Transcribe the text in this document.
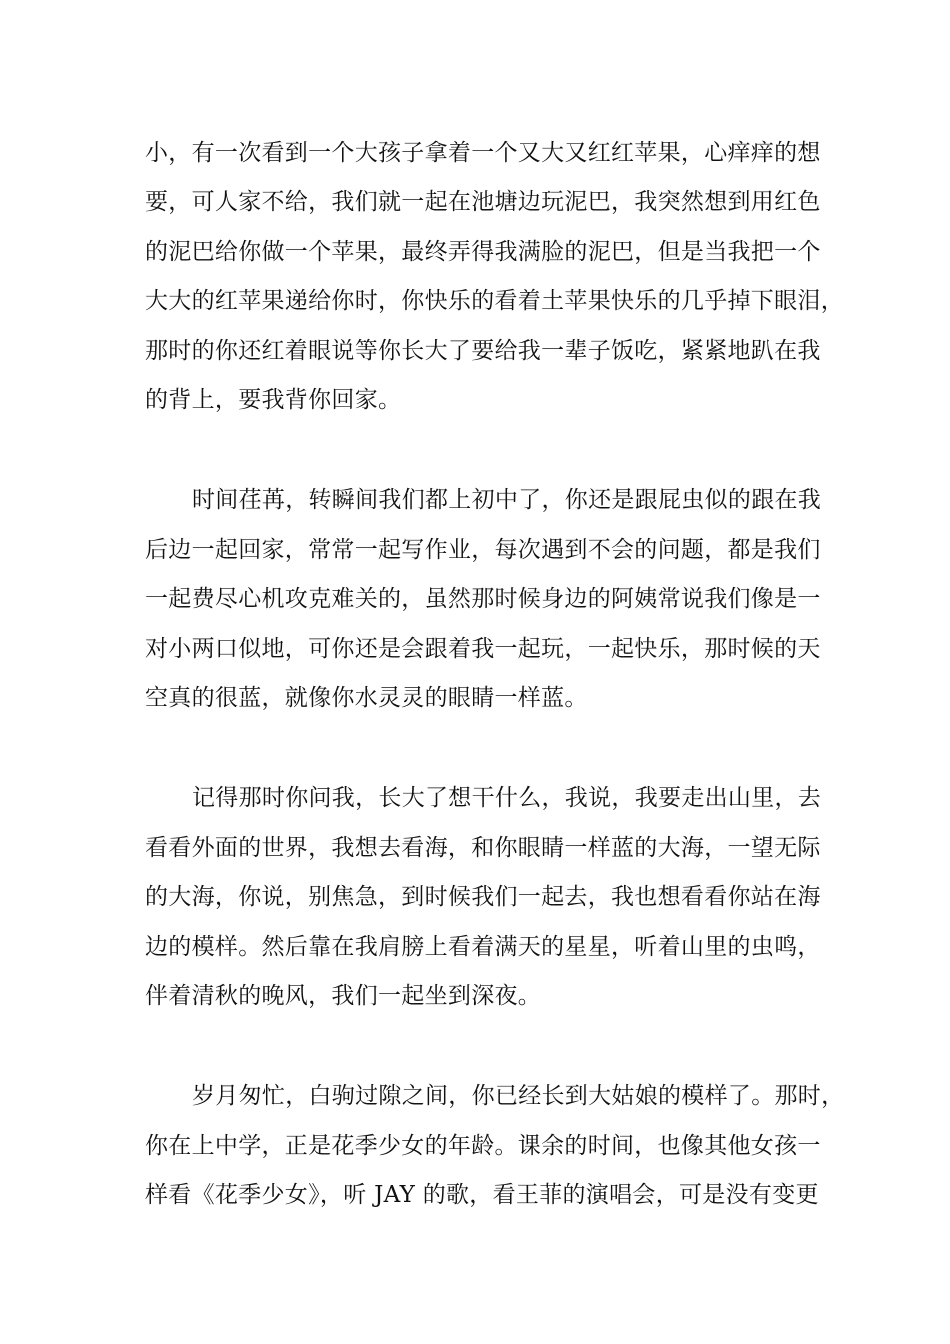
小，有一次看到一个大孩子拿着一个又大又红红苹果，心痒痒的想
要，可人家不给，我们就一起在池塘边玩泥巴，我突然想到用红色
的泥巴给你做一个苹果，最终弄得我满脸的泥巴，但是当我把一个
大大的红苹果递给你时，你快乐的看着土苹果快乐的几乎掉下眼泪，
那时的你还红着眼说等你长大了要给我一辈子饭吃，紧紧地趴在我
的背上，要我背你回家。
时间荏苒，转瞬间我们都上初中了，你还是跟屁虫似的跟在我
后边一起回家，常常一起写作业，每次遇到不会的问题，都是我们
一起费尽心机攻克难关的，虽然那时候身边的阿姨常说我们像是一
对小两口似地，可你还是会跟着我一起玩，一起快乐，那时候的天
空真的很蓝，就像你水灵灵的眼睛一样蓝。
记得那时你问我，长大了想干什么，我说，我要走出山里，去
看看外面的世界，我想去看海，和你眼睛一样蓝的大海，一望无际
的大海，你说，别焦急，到时候我们一起去，我也想看看你站在海
边的模样。然后靠在我肩膀上看着满天的星星，听着山里的虫鸣，
伴着清秋的晚风，我们一起坐到深夜。
岁月匆忙，白驹过隙之间，你已经长到大姑娘的模样了。那时，
你在上中学，正是花季少女的年龄。课余的时间，也像其他女孩一
样看《花季少女》，听 JAY 的歌，看王菲的演唱会，可是没有变更
